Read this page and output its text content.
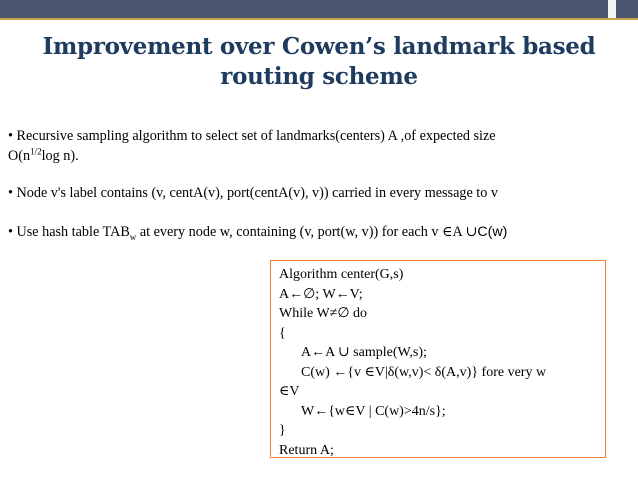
Improvement over Cowen’s landmark based
routing scheme
• Recursive sampling algorithm to select set of landmarks(centers) A ,of expected size
$O(n^{1/2}\log$ n).
• Node v's label contains (v, centA(v), port(centA(v), v)) carried in every message to v
• Use hash table $TAB_w$ at every node w, containing (v, port(w, v)) for each v ∈A ∪C(w)
Algorithm center(G,s)
A←∅; W←V;
While W≠∅ do
{
A←A ∪ sample(W,s);
C(w) ←{v ∈V|δ(w,v)< δ(A,v)} fore very w
∈V
W←{w∈V | C(w)>4n/s};
}
Return A;
